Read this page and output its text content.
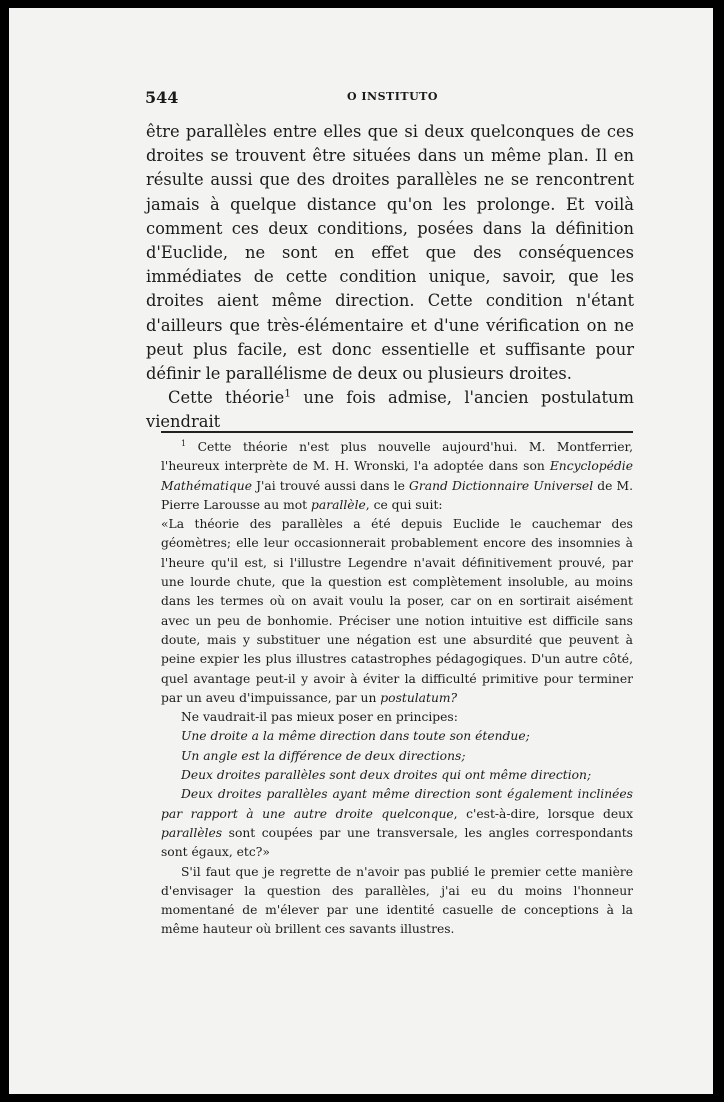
544	O INSTITUTO

être parallèles entre elles que si deux quelconques de ces droites se trouvent être situées dans un même plan. Il en résulte aussi que des droites parallèles ne se rencontrent jamais à quelque distance qu'on les prolonge. Et voilà comment ces deux conditions, posées dans la définition d'Euclide, ne sont en effet que des conséquences immédiates de cette condition unique, savoir, que les droites aient même direction. Cette condition n'étant d'ailleurs que très-élémentaire et d'une vérification on ne peut plus facile, est donc essentielle et suffisante pour définir le parallélisme de deux ou plusieurs droites.

Cette théorie$^1$ une fois admise, l'ancien postulatum viendrait

$^1$ Cette théorie n'est plus nouvelle aujourd'hui. M. Montferrier, l'heureux interprète de M. H. Wronski, l'a adoptée dans son Encyclopédie Mathématique J'ai trouvé aussi dans le Grand Dictionnaire Universel de M. Pierre Larousse au mot parallèle, ce qui suit:

«La théorie des parallèles a été depuis Euclide le cauchemar des géomètres; elle leur occasionnerait probablement encore des insomnies à l'heure qu'il est, si l'illustre Legendre n'avait définitivement prouvé, par une lourde chute, que la question est complètement insoluble, au moins dans les termes où on avait voulu la poser, car on en sortirait aisément avec un peu de bonhomie. Préciser une notion intuitive est difficile sans doute, mais y substituer une négation est une absurdité que peuvent à peine expier les plus illustres catastrophes pédagogiques. D'un autre côté, quel avantage peut-il y avoir à éviter la difficulté primitive pour terminer par un aveu d'impuissance, par un postulatum?

Ne vaudrait-il pas mieux poser en principes:

Une droite a la même direction dans toute son étendue;

Un angle est la différence de deux directions;

Deux droites parallèles sont deux droites qui ont même direction;

Deux droites parallèles ayant même direction sont également inclinées par rapport à une autre droite quelconque, c'est-à-dire, lorsque deux parallèles sont coupées par une transversale, les angles correspondants sont égaux, etc?»

S'il faut que je regrette de n'avoir pas publié le premier cette manière d'envisager la question des parallèles, j'ai eu du moins l'honneur momentané de m'élever par une identité casuelle de conceptions à la même hauteur où brillent ces savants illustres.
